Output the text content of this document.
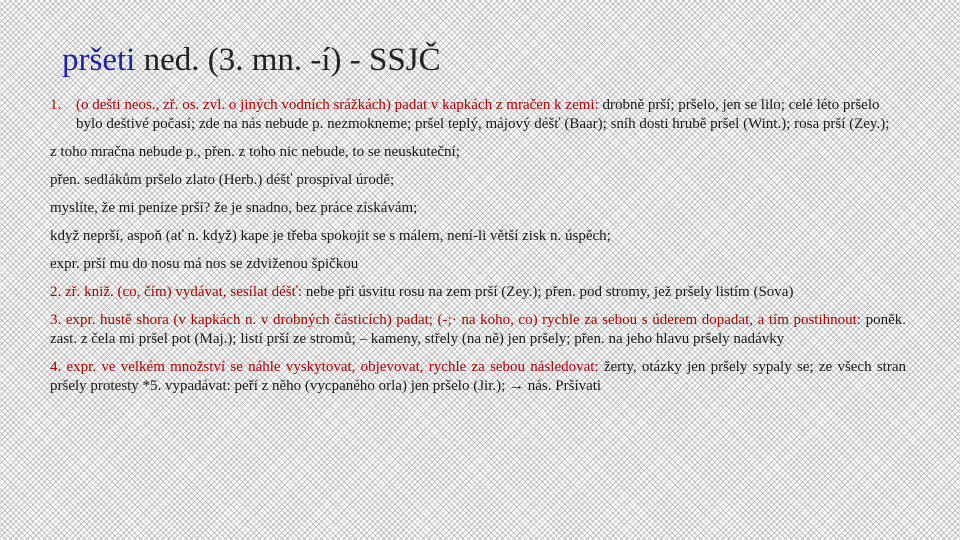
pršeti ned. (3. mn. -í) - SSJČ
1. (o dešti neos., zř. os. zvl. o jiných vodních srážkách) padat v kapkách z mračen k zemi: drobně prší; pršelo, jen se lilo; celé léto pršelo bylo deštivé počasí; zde na nás nebude p. nezmokneme; pršel teplý, májový déšť (Baar); sníh dosti hrubě pršel (Wint.); rosa prší (Zey.);

z toho mračna nebude p., přen. z toho nic nebude, to se neuskuteční;

přen. sedlákům pršelo zlato (Herb.) déšť prospíval úrodě;

myslíte, že mi peníze prší? že je snadno, bez práce získávám;

když neprší, aspoň (ať n. když) kape je třeba spokojit se s málem, není-li větší zisk n. úspěch;

expr. prší mu do nosu má nos se zdviženou špičkou

2. zř. kniž. (co, čím) vydávat, sesílat déšť: nebe při úsvitu rosu na zem prší (Zey.); přen. pod stromy, jež pršely listím (Sova)

3. expr. hustě shora (v kapkách n. v drobných částicích) padat; (-;· na koho, co) rychle za sebou s úderem dopadat, a tím postihnout: poněk. zast. z čela mi pršel pot (Maj.); listí prší ze stromů; – kameny, střely (na ně) jen pršely; přen. na jeho hlavu pršely nadávky

4. expr. ve velkém množství se náhle vyskytovat, objevovat, rychle za sebou následovat: žerty, otázky jen pršely sypaly se; ze všech stran pršely protesty *5. vypadávat: peří z něho (vycpaného orla) jen pršelo (Jir.); → nás. Pršívati
